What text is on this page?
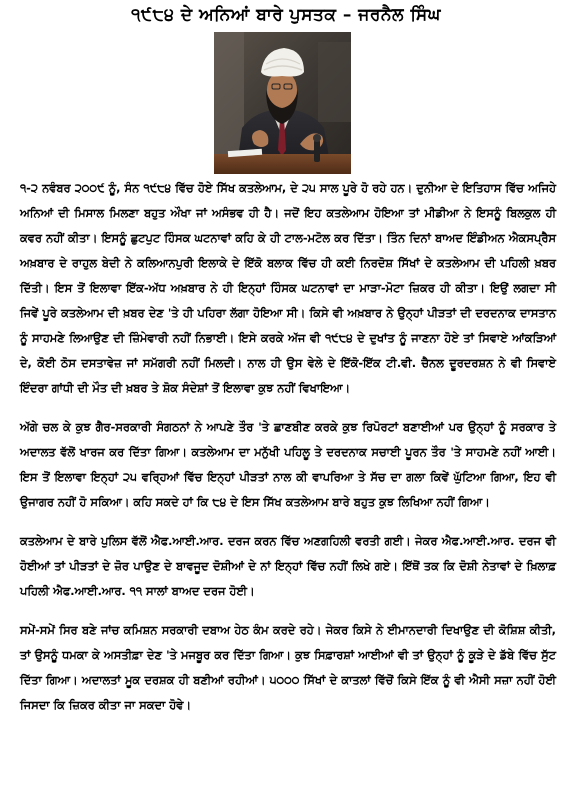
੧੯੮੪ ਦੇ ਅਨਿਆਂ ਬਾਰੇ ਪੁਸਤਕ – ਜਰਨੈਲ ਸਿੰਘ

੧-੨ ਨਵੰਬਰ ੨੦੦੯ ਨੂੰ, ਸੰਨ ੧੯੮੪ ਵਿੱਚ ਹੋਏ ਸਿੱਖ ਕਤਲੇਆਮ, ਦੇ ੨੫ ਸਾਲ ਪੂਰੇ ਹੋ ਰਹੇ ਹਨ। ਦੁਨੀਆ ਦੇ ਇਤਿਹਾਸ ਵਿੱਚ ਅਜਿਹੇ ਅਨਿਆਂ ਦੀ ਮਿਸਾਲ ਮਿਲਣਾ ਬਹੁਤ ਔਖਾ ਜਾਂ ਅਸੰਭਵ ਹੀ ਹੈ। ਜਦੋਂ ਇਹ ਕਤਲੇਆਮ ਹੋਇਆ ਤਾਂ ਮੀਡੀਆ ਨੇ ਇਸਨੂੰ ਬਿਲਕੁਲ ਹੀ ਕਵਰ ਨਹੀਂ ਕੀਤਾ। ਇਸਨੂੰ ਛੁਟਪੁਟ ਹਿੰਸਕ ਘਟਨਾਵਾਂ ਕਹਿ ਕੇ ਹੀ ਟਾਲ-ਮਟੋਲ ਕਰ ਦਿੱਤਾ। ਤਿੰਨ ਦਿਨਾਂ ਬਾਅਦ ਇੰਡੀਅਨ ਐਕਸਪ੍ਰੈਸ ਅਖ਼ਬਾਰ ਦੇ ਰਾਹੁਲ ਬੇਦੀ ਨੇ ਕਲਿਆਨਪੁਰੀ ਇਲਾਕੇ ਦੇ ਇੱਕੋ ਬਲਾਕ ਵਿੱਚ ਹੀ ਕਈ ਨਿਰਦੋਸ਼ ਸਿੱਖਾਂ ਦੇ ਕਤਲੇਆਮ ਦੀ ਪਹਿਲੀ ਖ਼ਬਰ ਦਿੱਤੀ। ਇਸ ਤੋਂ ਇਲਾਵਾ ਇੱਕ-ਅੱਧ ਅਖ਼ਬਾਰ ਨੇ ਹੀ ਇਨ੍ਹਾਂ ਹਿੰਸਕ ਘਟਨਾਵਾਂ ਦਾ ਮਾੜਾ-ਮੋਟਾ ਜ਼ਿਕਰ ਹੀ ਕੀਤਾ। ਇਉਂ ਲਗਦਾ ਸੀ ਜਿਵੇਂ ਪੂਰੇ ਕਤਲੇਆਮ ਦੀ ਖ਼ਬਰ ਦੇਣ 'ਤੇ ਹੀ ਪਹਿਰਾ ਲੱਗਾ ਹੋਇਆ ਸੀ। ਕਿਸੇ ਵੀ ਅਖ਼ਬਾਰ ਨੇ ਉਨ੍ਹਾਂ ਪੀੜਤਾਂ ਦੀ ਦਰਦਨਾਕ ਦਾਸਤਾਨ ਨੂੰ ਸਾਹਮਣੇ ਲਿਆਉਣ ਦੀ ਜ਼ਿੰਮੇਵਾਰੀ ਨਹੀਂ ਨਿਭਾਈ। ਇਸੇ ਕਰਕੇ ਅੱਜ ਵੀ ੧੯੮੪ ਦੇ ਦੁਖਾਂਤ ਨੂੰ ਜਾਣਨਾ ਹੋਏ ਤਾਂ ਸਿਵਾਏ ਆਂਕੜਿਆਂ ਦੇ, ਕੋਈ ਠੋਸ ਦਸਤਾਵੇਜ਼ ਜਾਂ ਸਮੱਗਰੀ ਨਹੀਂ ਮਿਲਦੀ। ਨਾਲ ਹੀ ਉਸ ਵੇਲੇ ਦੇ ਇੱਕੋ-ਇੱਕ ਟੀ.ਵੀ. ਚੈਨਲ ਦੂਰਦਰਸ਼ਨ ਨੇ ਵੀ ਸਿਵਾਏ ਇੰਦਰਾ ਗਾਂਧੀ ਦੀ ਮੌਤ ਦੀ ਖ਼ਬਰ ਤੇ ਸ਼ੋਕ ਸੰਦੇਸ਼ਾਂ ਤੋਂ ਇਲਾਵਾ ਕੁਝ ਨਹੀਂ ਵਿਖਾਇਆ।

ਅੱਗੇ ਚਲ ਕੇ ਕੁਝ ਗੈਰ-ਸਰਕਾਰੀ ਸੰਗਠਨਾਂ ਨੇ ਆਪਣੇ ਤੌਰ 'ਤੇ ਛਾਣਬੀਣ ਕਰਕੇ ਕੁਝ ਰਿਪੋਰਟਾਂ ਬਣਾਈਆਂ ਪਰ ਉਨ੍ਹਾਂ ਨੂੰ ਸਰਕਾਰ ਤੇ ਅਦਾਲਤ ਵੱਲੋਂ ਖਾਰਜ ਕਰ ਦਿੱਤਾ ਗਿਆ। ਕਤਲੇਆਮ ਦਾ ਮਨੁੱਖੀ ਪਹਿਲੂ ਤੇ ਦਰਦਨਾਕ ਸਚਾਈ ਪੂਰਨ ਤੌਰ 'ਤੇ ਸਾਹਮਣੇ ਨਹੀਂ ਆਈ। ਇਸ ਤੋਂ ਇਲਾਵਾ ਇਨ੍ਹਾਂ ੨੫ ਵਰ੍ਹਿਆਂ ਵਿੱਚ ਇਨ੍ਹਾਂ ਪੀੜਤਾਂ ਨਾਲ ਕੀ ਵਾਪਰਿਆ ਤੇ ਸੱਚ ਦਾ ਗਲਾ ਕਿਵੇਂ ਘੁੱਟਿਆ ਗਿਆ, ਇਹ ਵੀ ਉਜਾਗਰ ਨਹੀਂ ਹੋ ਸਕਿਆ। ਕਹਿ ਸਕਦੇ ਹਾਂ ਕਿ ੮੪ ਦੇ ਇਸ ਸਿੱਖ ਕਤਲੇਆਮ ਬਾਰੇ ਬਹੁਤ ਕੁਝ ਲਿਖਿਆ ਨਹੀਂ ਗਿਆ।

ਕਤਲੇਆਮ ਦੇ ਬਾਰੇ ਪੁਲਿਸ ਵੱਲੋਂ ਐਫ.ਆਈ.ਆਰ. ਦਰਜ ਕਰਨ ਵਿੱਚ ਅਣਗਹਿਲੀ ਵਰਤੀ ਗਈ। ਜੇਕਰ ਐਫ.ਆਈ.ਆਰ. ਦਰਜ ਵੀ ਹੋਈਆਂ ਤਾਂ ਪੀੜਤਾਂ ਦੇ ਜ਼ੋਰ ਪਾਉਣ ਦੇ ਬਾਵਜੂਦ ਦੋਸ਼ੀਆਂ ਦੇ ਨਾਂ ਇਨ੍ਹਾਂ ਵਿੱਚ ਨਹੀਂ ਲਿਖੇ ਗਏ। ਇੱਥੋਂ ਤਕ ਕਿ ਦੋਸ਼ੀ ਨੇਤਾਵਾਂ ਦੇ ਖ਼ਿਲਾਫ਼ ਪਹਿਲੀ ਐਫ.ਆਈ.ਆਰ. ੧੧ ਸਾਲਾਂ ਬਾਅਦ ਦਰਜ ਹੋਈ।

ਸਮੇਂ-ਸਮੇਂ ਸਿਰ ਬਣੇ ਜਾਂਚ ਕਮਿਸ਼ਨ ਸਰਕਾਰੀ ਦਬਾਅ ਹੇਠ ਕੰਮ ਕਰਦੇ ਰਹੇ। ਜੇਕਰ ਕਿਸੇ ਨੇ ਈਮਾਨਦਾਰੀ ਦਿਖਾਉਣ ਦੀ ਕੋਸ਼ਿਸ਼ ਕੀਤੀ, ਤਾਂ ਉਸਨੂੰ ਧਮਕਾ ਕੇ ਅਸਤੀਫ਼ਾ ਦੇਣ 'ਤੇ ਮਜਬੂਰ ਕਰ ਦਿੱਤਾ ਗਿਆ। ਕੁਝ ਸਿਫ਼ਾਰਸ਼ਾਂ ਆਈਆਂ ਵੀ ਤਾਂ ਉਨ੍ਹਾਂ ਨੂੰ ਕੂੜੇ ਦੇ ਡੱਬੇ ਵਿੱਚ ਸੁੱਟ ਦਿੱਤਾ ਗਿਆ। ਅਦਾਲਤਾਂ ਮੂਕ ਦਰਸ਼ਕ ਹੀ ਬਣੀਆਂ ਰਹੀਆਂ। ੫੦੦੦ ਸਿੱਖਾਂ ਦੇ ਕਾਤਲਾਂ ਵਿੱਚੋਂ ਕਿਸੇ ਇੱਕ ਨੂੰ ਵੀ ਐਸੀ ਸਜ਼ਾ ਨਹੀਂ ਹੋਈ ਜਿਸਦਾ ਕਿ ਜ਼ਿਕਰ ਕੀਤਾ ਜਾ ਸਕਦਾ ਹੋਵੇ।
